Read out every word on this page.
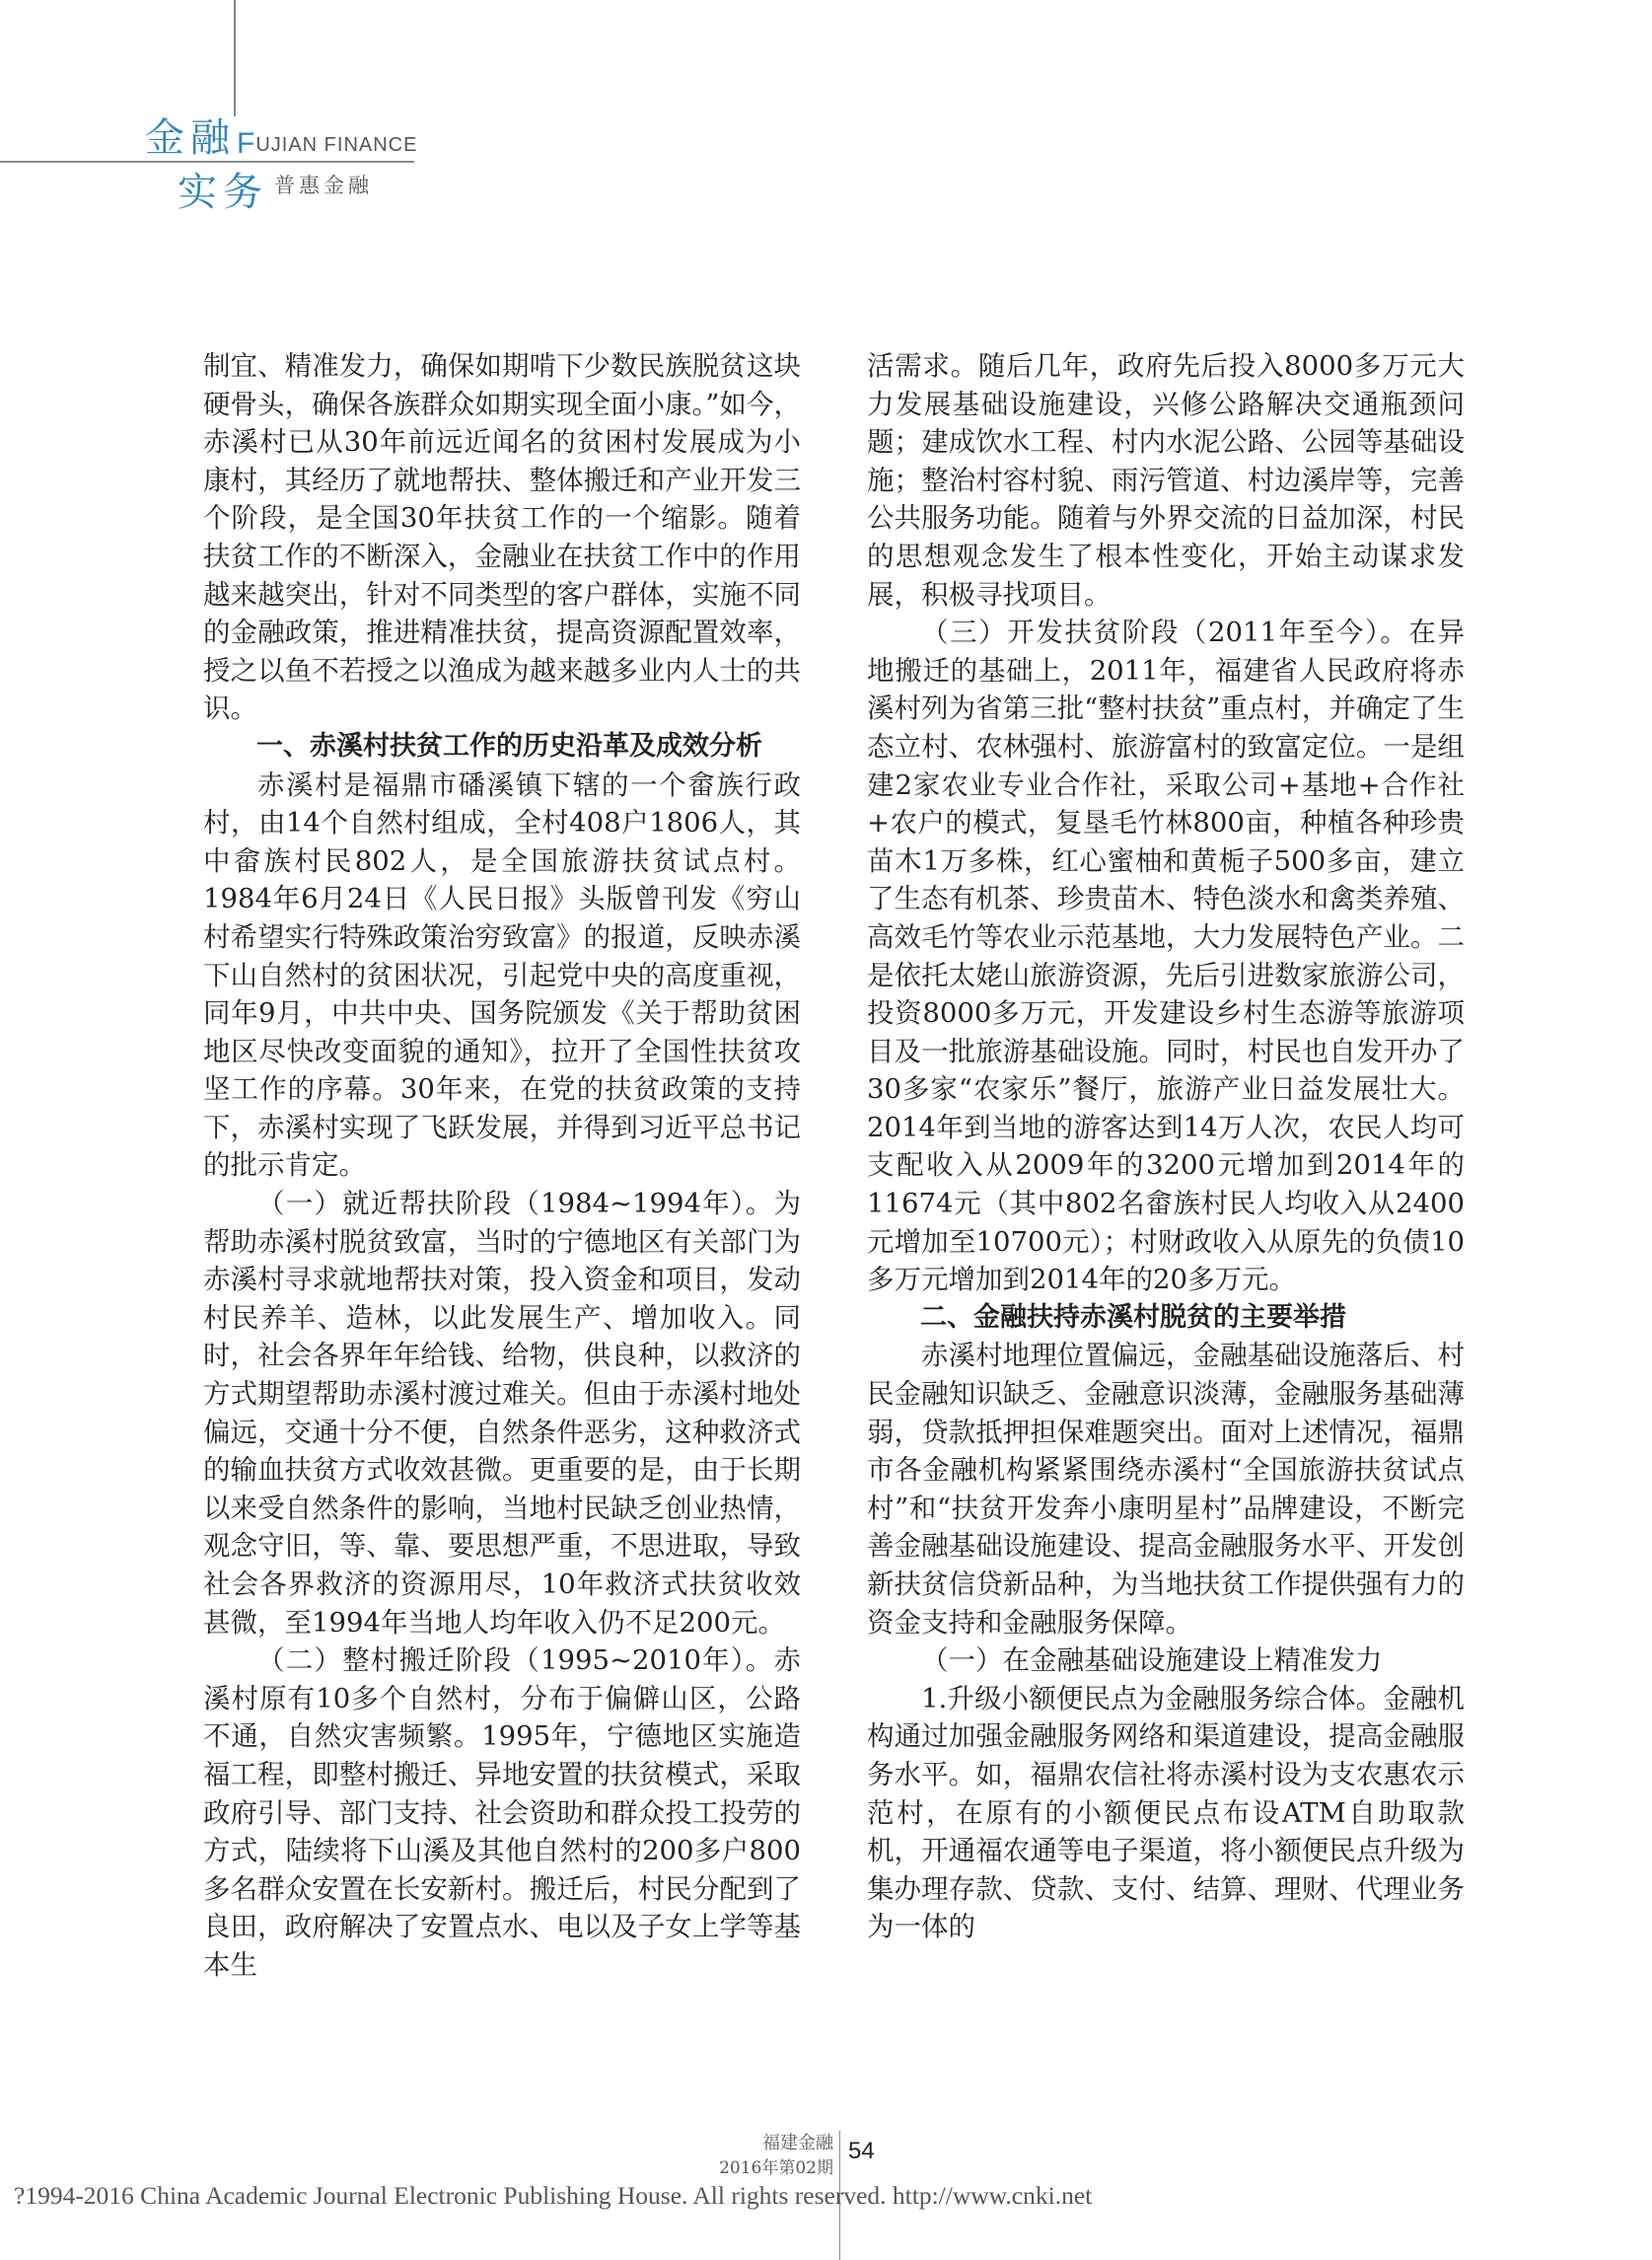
金融 FUJIAN FINANCE
实务 普惠金融

制宜、精准发力，确保如期啃下少数民族脱贫这块硬骨头，确保各族群众如期实现全面小康。”如今，赤溪村已从30年前远近闻名的贫困村发展成为小康村，其经历了就地帮扶、整体搬迁和产业开发三个阶段，是全国30年扶贫工作的一个缩影。随着扶贫工作的不断深入，金融业在扶贫工作中的作用越来越突出，针对不同类型的客户群体，实施不同的金融政策，推进精准扶贫，提高资源配置效率，授之以鱼不若授之以渔成为越来越多业内人士的共识。

一、赤溪村扶贫工作的历史沿革及成效分析

赤溪村是福鼎市磻溪镇下辖的一个畲族行政村，由14个自然村组成，全村408户1806人，其中畲族村民802人，是全国旅游扶贫试点村。1984年6月24日《人民日报》头版曾刊发《穷山村希望实行特殊政策治穷致富》的报道，反映赤溪下山自然村的贫困状况，引起党中央的高度重视，同年9月，中共中央、国务院颁发《关于帮助贫困地区尽快改变面貌的通知》，拉开了全国性扶贫攻坚工作的序幕。30年来，在党的扶贫政策的支持下，赤溪村实现了飞跃发展，并得到习近平总书记的批示肯定。

（一）就近帮扶阶段（1984~1994年）。为帮助赤溪村脱贫致富，当时的宁德地区有关部门为赤溪村寻求就地帮扶对策，投入资金和项目，发动村民养羊、造林，以此发展生产、增加收入。同时，社会各界年年给钱、给物，供良种，以救济的方式期望帮助赤溪村渡过难关。但由于赤溪村地处偏远，交通十分不便，自然条件恶劣，这种救济式的输血扶贫方式收效甚微。更重要的是，由于长期以来受自然条件的影响，当地村民缺乏创业热情，观念守旧，等、靠、要思想严重，不思进取，导致社会各界救济的资源用尽，10年救济式扶贫收效甚微，至1994年当地人均年收入仍不足200元。

（二）整村搬迁阶段（1995~2010年）。赤溪村原有10多个自然村，分布于偏僻山区，公路不通，自然灾害频繁。1995年，宁德地区实施造福工程，即整村搬迁、异地安置的扶贫模式，采取政府引导、部门支持、社会资助和群众投工投劳的方式，陆续将下山溪及其他自然村的200多户800多名群众安置在长安新村。搬迁后，村民分配到了良田，政府解决了安置点水、电以及子女上学等基本生

活需求。随后几年，政府先后投入8000多万元大力发展基础设施建设，兴修公路解决交通瓶颈问题；建成饮水工程、村内水泥公路、公园等基础设施；整治村容村貌、雨污管道、村边溪岸等，完善公共服务功能。随着与外界交流的日益加深，村民的思想观念发生了根本性变化，开始主动谋求发展，积极寻找项目。

（三）开发扶贫阶段（2011年至今）。在异地搬迁的基础上，2011年，福建省人民政府将赤溪村列为省第三批“整村扶贫”重点村，并确定了生态立村、农林强村、旅游富村的致富定位。一是组建2家农业专业合作社，采取公司+基地+合作社+农户的模式，复垦毛竹林800亩，种植各种珍贵苗木1万多株，红心蜜柚和黄栀子500多亩，建立了生态有机茶、珍贵苗木、特色淡水和禽类养殖、高效毛竹等农业示范基地，大力发展特色产业。二是依托太姥山旅游资源，先后引进数家旅游公司，投资8000多万元，开发建设乡村生态游等旅游项目及一批旅游基础设施。同时，村民也自发开办了30多家“农家乐”餐厅，旅游产业日益发展壮大。2014年到当地的游客达到14万人次，农民人均可支配收入从2009年的3200元增加到2014年的11674元（其中802名畲族村民人均收入从2400元增加至10700元）；村财政收入从原先的负债10多万元增加到2014年的20多万元。

二、金融扶持赤溪村脱贫的主要举措

赤溪村地理位置偏远，金融基础设施落后、村民金融知识缺乏、金融意识淡薄，金融服务基础薄弱，贷款抵押担保难题突出。面对上述情况，福鼎市各金融机构紧紧围绕赤溪村“全国旅游扶贫试点村”和“扶贫开发奔小康明星村”品牌建设，不断完善金融基础设施建设、提高金融服务水平、开发创新扶贫信贷新品种，为当地扶贫工作提供强有力的资金支持和金融服务保障。

（一）在金融基础设施建设上精准发力

1.升级小额便民点为金融服务综合体。金融机构通过加强金融服务网络和渠道建设，提高金融服务水平。如，福鼎农信社将赤溪村设为支农惠农示范村，在原有的小额便民点布设ATM自助取款机，开通福农通等电子渠道，将小额便民点升级为集办理存款、贷款、支付、结算、理财、代理业务为一体的

福建金融
2016年第02期
54
?1994-2016 China Academic Journal Electronic Publishing House. All rights reserved. http://www.cnki.net
